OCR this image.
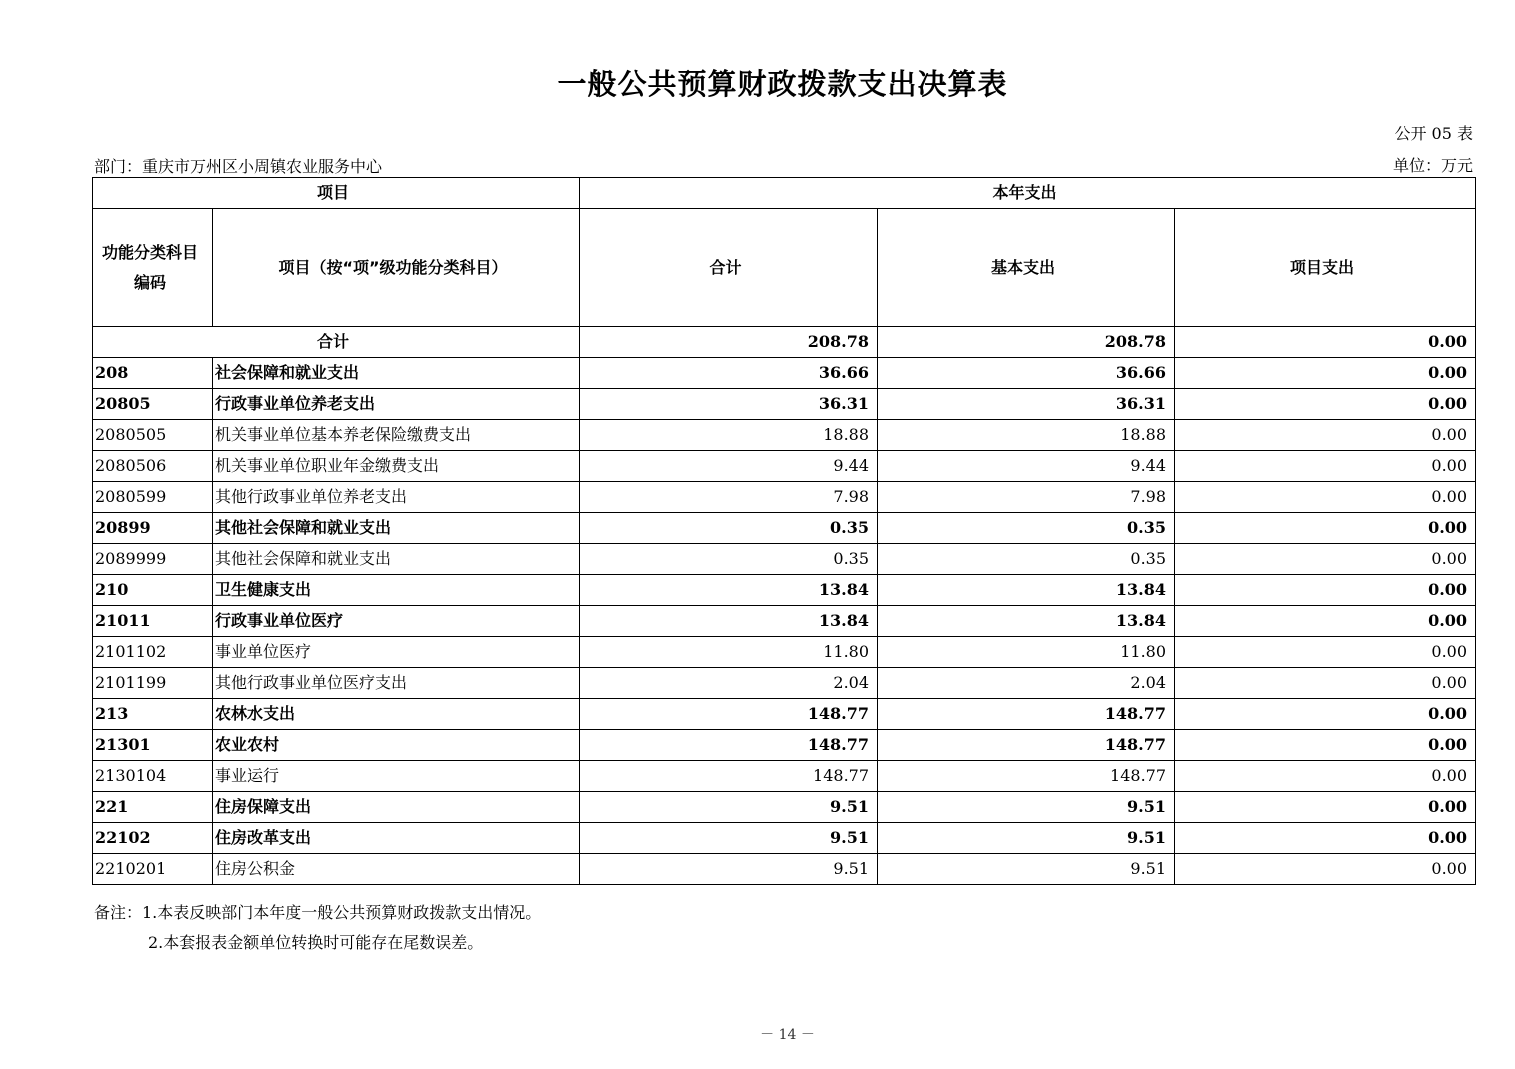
一般公共预算财政拨款支出决算表
公开 05 表
部门：重庆市万州区小周镇农业服务中心	单位：万元
项目		本年支出		

功能分类科目编码	项目（按“项”级功能分类科目）	合计	基本支出	项目支出
合计		208.78	208.78	0.00
208	社会保障和就业支出	36.66	36.66	0.00
20805	行政事业单位养老支出	36.31	36.31	0.00
2080505	机关事业单位基本养老保险缴费支出	18.88	18.88	0.00
2080506	机关事业单位职业年金缴费支出	9.44	9.44	0.00
2080599	其他行政事业单位养老支出	7.98	7.98	0.00
20899	其他社会保障和就业支出	0.35	0.35	0.00
2089999	其他社会保障和就业支出	0.35	0.35	0.00
210	卫生健康支出	13.84	13.84	0.00
21011	行政事业单位医疗	13.84	13.84	0.00
2101102	事业单位医疗	11.80	11.80	0.00
2101199	其他行政事业单位医疗支出	2.04	2.04	0.00
213	农林水支出	148.77	148.77	0.00
21301	农业农村	148.77	148.77	0.00
2130104	事业运行	148.77	148.77	0.00
221	住房保障支出	9.51	9.51	0.00
22102	住房改革支出	9.51	9.51	0.00
2210201	住房公积金	9.51	9.51	0.00
备注：1.本表反映部门本年度一般公共预算财政拨款支出情况。
2.本套报表金额单位转换时可能存在尾数误差。
－ 14 －
